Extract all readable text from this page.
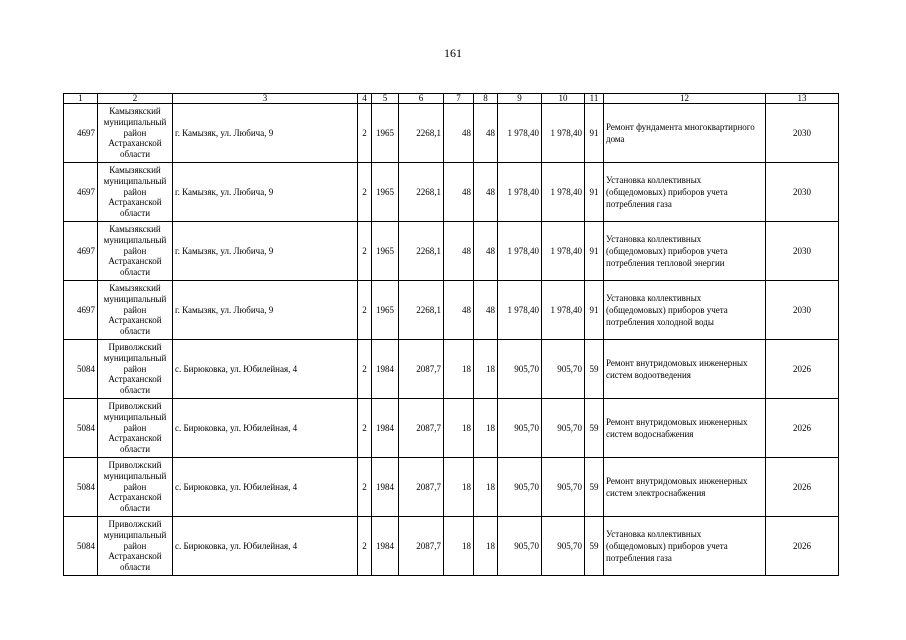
161
1	2	3	4	5	6	7	8	9	10	11	12	13
4697	Камызякский муниципальный район Астраханской области	г. Камызяк, ул. Любича, 9	2	1965	2268,1	48	48	1 978,40	1 978,40	91	Ремонт фундамента многоквартирного дома	2030
4697	Камызякский муниципальный район Астраханской области	г. Камызяк, ул. Любича, 9	2	1965	2268,1	48	48	1 978,40	1 978,40	91	Установка коллективных (общедомовых) приборов учета потребления газа	2030
4697	Камызякский муниципальный район Астраханской области	г. Камызяк, ул. Любича, 9	2	1965	2268,1	48	48	1 978,40	1 978,40	91	Установка коллективных (общедомовых) приборов учета потребления тепловой энергии	2030
4697	Камызякский муниципальный район Астраханской области	г. Камызяк, ул. Любича, 9	2	1965	2268,1	48	48	1 978,40	1 978,40	91	Установка коллективных (общедомовых) приборов учета потребления холодной воды	2030
5084	Приволжский муниципальный район Астраханской области	с. Бирюковка, ул. Юбилейная, 4	2	1984	2087,7	18	18	905,70	905,70	59	Ремонт внутридомовых инженерных систем водоотведения	2026
5084	Приволжский муниципальный район Астраханской области	с. Бирюковка, ул. Юбилейная, 4	2	1984	2087,7	18	18	905,70	905,70	59	Ремонт внутридомовых инженерных систем водоснабжения	2026
5084	Приволжский муниципальный район Астраханской области	с. Бирюковка, ул. Юбилейная, 4	2	1984	2087,7	18	18	905,70	905,70	59	Ремонт внутридомовых инженерных систем электроснабжения	2026
5084	Приволжский муниципальный район Астраханской области	с. Бирюковка, ул. Юбилейная, 4	2	1984	2087,7	18	18	905,70	905,70	59	Установка коллективных (общедомовых) приборов учета потребления газа	2026
